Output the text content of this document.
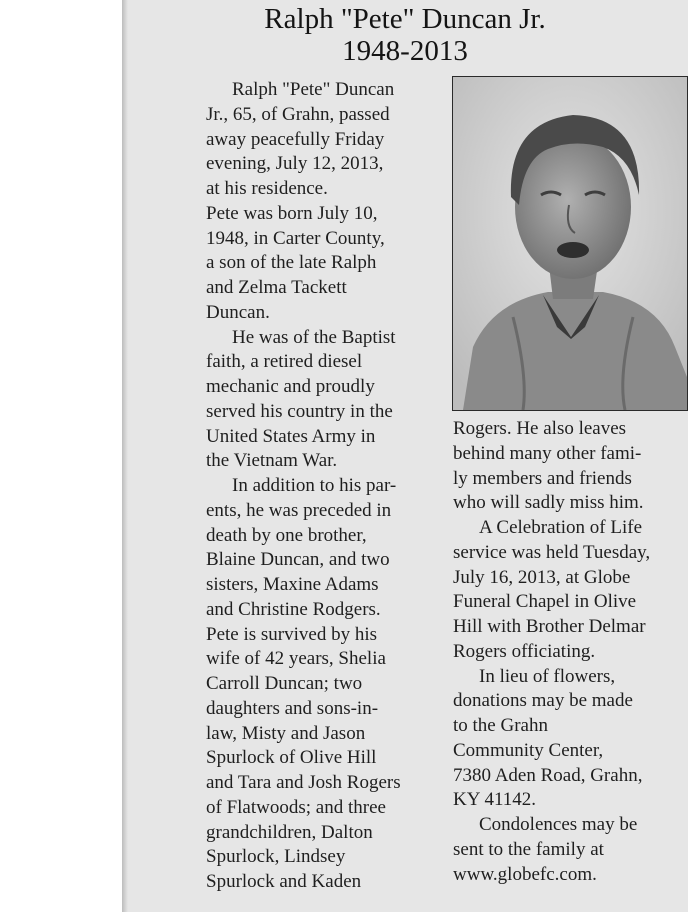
Ralph "Pete" Duncan Jr.
1948-2013

Ralph "Pete" Duncan
Jr., 65, of Grahn, passed
away peacefully Friday
evening, July 12, 2013,
at his residence.

Pete was born July 10,
1948, in Carter County,
a son of the late Ralph
and Zelma Tackett
Duncan.

He was of the Baptist
faith, a retired diesel
mechanic and proudly
served his country in the
United States Army in
the Vietnam War.

In addition to his par-
ents, he was preceded in
death by one brother,
Blaine Duncan, and two
sisters, Maxine Adams
and Christine Rodgers.

Pete is survived by his
wife of 42 years, Shelia
Carroll Duncan; two
daughters and sons-in-
law, Misty and Jason
Spurlock of Olive Hill
and Tara and Josh Rogers
of Flatwoods; and three
grandchildren, Dalton
Spurlock, Lindsey
Spurlock and Kaden

Rogers. He also leaves
behind many other fami-
ly members and friends
who will sadly miss him.

A Celebration of Life
service was held Tuesday,
July 16, 2013, at Globe
Funeral Chapel in Olive
Hill with Brother Delmar
Rogers officiating.

In lieu of flowers,
donations may be made
to the Grahn
Community Center,
7380 Aden Road, Grahn,
KY 41142.

Condolences may be
sent to the family at
www.globefc.com.
